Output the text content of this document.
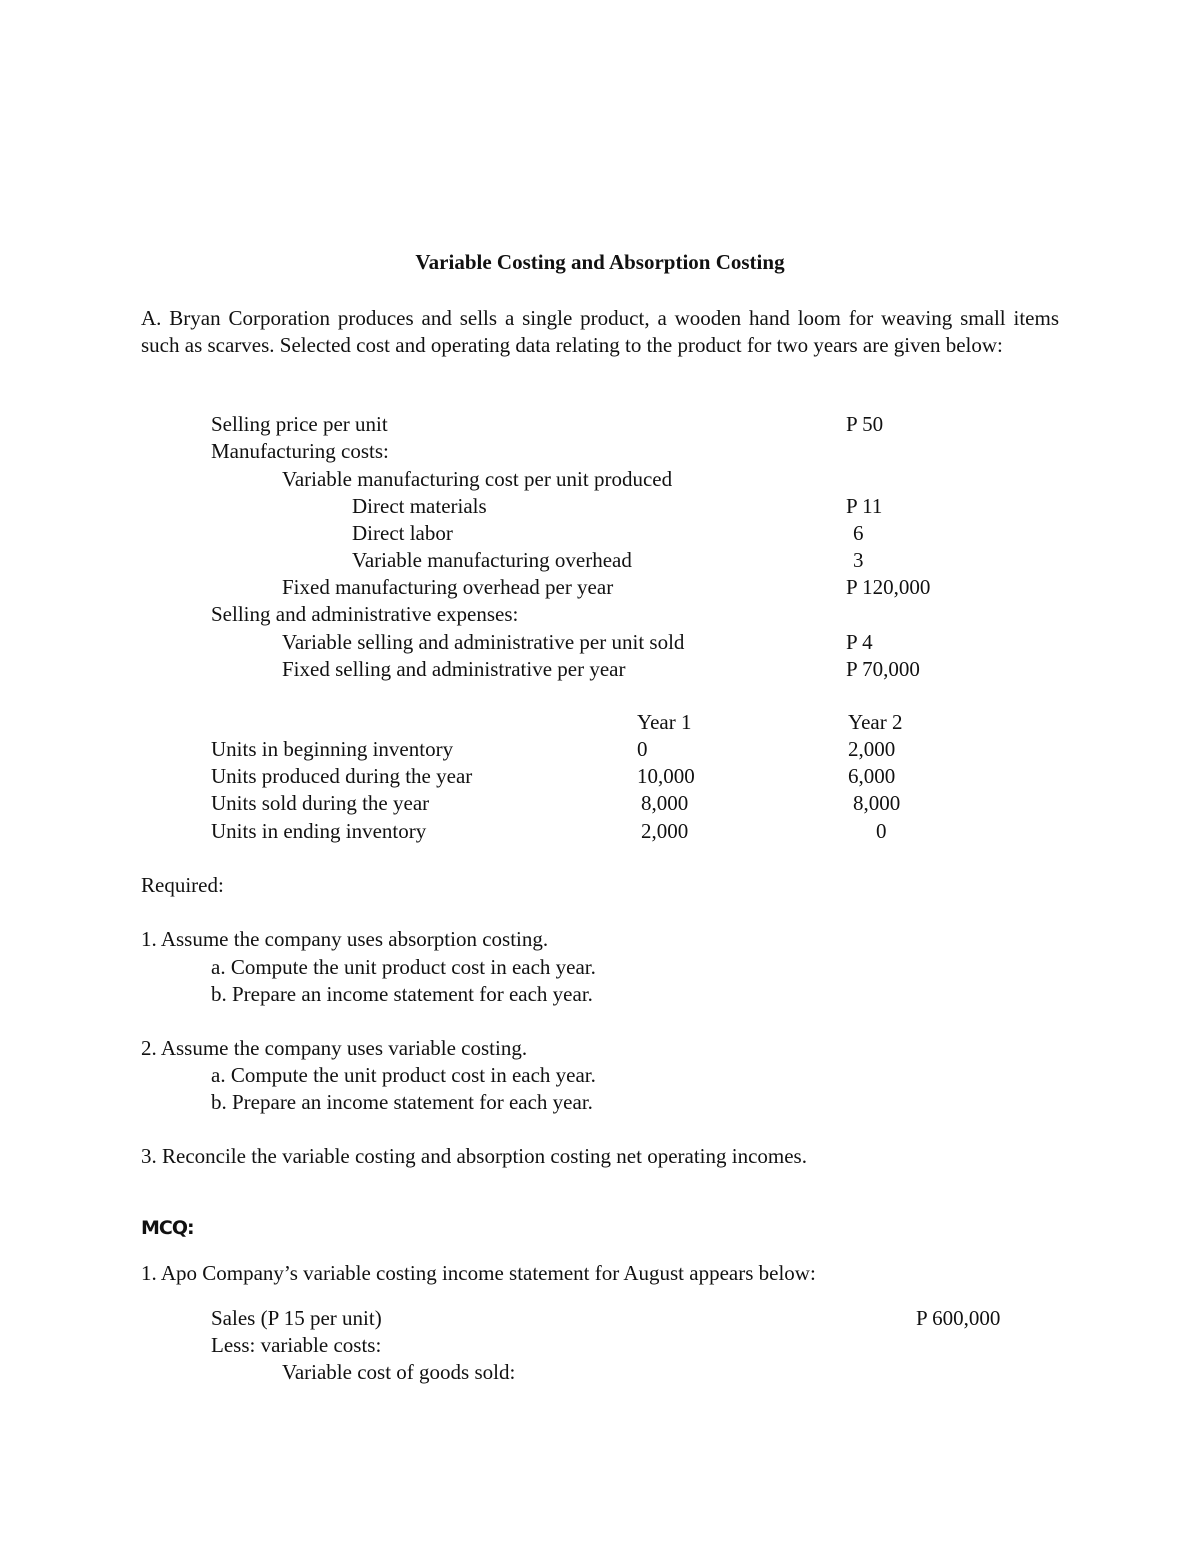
Variable Costing and Absorption Costing
A. Bryan Corporation produces and sells a single product, a wooden hand loom for weaving small items such as scarves. Selected cost and operating data relating to the product for two years are given below:
Selling price per unit	P 50
Manufacturing costs:
Variable manufacturing cost per unit produced
Direct materials	P 11
Direct labor	6
Variable manufacturing overhead	3
Fixed manufacturing overhead per year	P 120,000
Selling and administrative expenses:
Variable selling and administrative per unit sold	P 4
Fixed selling and administrative per year	P 70,000
Year 1	Year 2
Units in beginning inventory	0	2,000
Units produced during the year	10,000	6,000
Units sold during the year	8,000	8,000
Units in ending inventory	2,000	0
Required:
1. Assume the company uses absorption costing.
a. Compute the unit product cost in each year.
b. Prepare an income statement for each year.
2. Assume the company uses variable costing.
a. Compute the unit product cost in each year.
b. Prepare an income statement for each year.
3. Reconcile the variable costing and absorption costing net operating incomes.
MCQ:
1. Apo Company’s variable costing income statement for August appears below:
Sales (P 15 per unit)	P 600,000
Less: variable costs:
Variable cost of goods sold:
